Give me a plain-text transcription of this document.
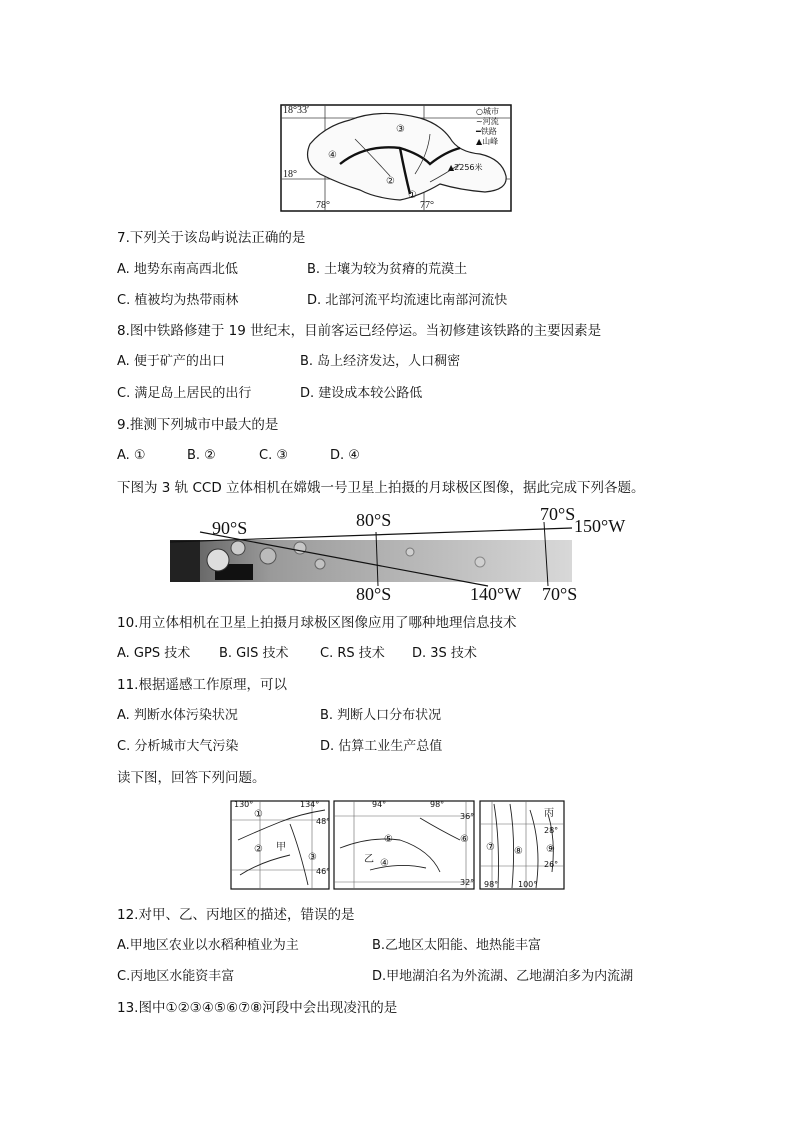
18°33′
18°
78°	77°
○城市
~河流
━铁路
▲山峰
▲2256米
①
②
③
④
7.下列关于该岛屿说法正确的是
A. 地势东南高西北低	B. 土壤为较为贫瘠的荒漠土
C. 植被均为热带雨林	D. 北部河流平均流速比南部河流快
8.图中铁路修建于 19 世纪末，目前客运已经停运。当初修建该铁路的主要因素是
A. 便于矿产的出口	B. 岛上经济发达，人口稠密
C. 满足岛上居民的出行	D. 建设成本较公路低
9.推测下列城市中最大的是
A. ①	B. ②	C. ③	D. ④
下图为 3 轨 CCD 立体相机在嫦娥一号卫星上拍摄的月球极区图像，据此完成下列各题。
90°S	80°S	70°S
150°W
80°S	140°W 70°S
10.用立体相机在卫星上拍摄月球极区图像应用了哪种地理信息技术
A. GPS 技术 B. GIS 技术 C. RS 技术 D. 3S 技术
11.根据遥感工作原理，可以
A. 判断水体污染状况	B. 判断人口分布状况
C. 分析城市大气污染	D. 估算工业生产总值
读下图，回答下列问题。
130°	134°
48°
46°
甲
①
②
③
94°	98°
36°
32°
乙 ④
⑤	⑥
98° 100°
28°
26°
丙
⑦ ⑧ ⑨
12.对甲、乙、丙地区的描述，错误的是
A.甲地区农业以水稻种植业为主	B.乙地区太阳能、地热能丰富
C.丙地区水能资丰富	D.甲地湖泊名为外流湖、乙地湖泊多为内流湖
13.图中①②③④⑤⑥⑦⑧河段中会出现凌汛的是
